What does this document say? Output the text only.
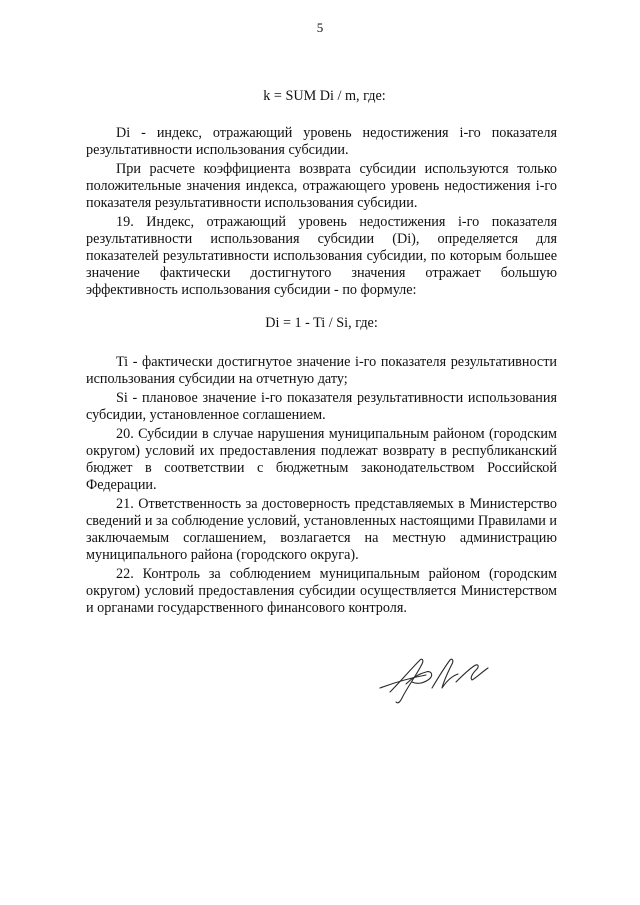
5

k = SUM Di / m, где:

Di - индекс, отражающий уровень недостижения i-го показателя результативности использования субсидии.

При расчете коэффициента возврата субсидии используются только положительные значения индекса, отражающего уровень недостижения i-го показателя результативности использования субсидии.

19. Индекс, отражающий уровень недостижения i-го показателя результативности использования субсидии (Di), определяется для показателей результативности использования субсидии, по которым большее значение фактически достигнутого значения отражает большую эффективность использования субсидии - по формуле:

Di = 1 - Ti / Si, где:

Ti - фактически достигнутое значение i-го показателя результативности использования субсидии на отчетную дату;

Si - плановое значение i-го показателя результативности использования субсидии, установленное соглашением.

20. Субсидии в случае нарушения муниципальным районом (городским округом) условий их предоставления подлежат возврату в республиканский бюджет в соответствии с бюджетным законодательством Российской Федерации.

21. Ответственность за достоверность представляемых в Министерство сведений и за соблюдение условий, установленных настоящими Правилами и заключаемым соглашением, возлагается на местную администрацию муниципального района (городского округа).

22. Контроль за соблюдением муниципальным районом (городским округом) условий предоставления субсидии осуществляется Министерством и органами государственного финансового контроля.
